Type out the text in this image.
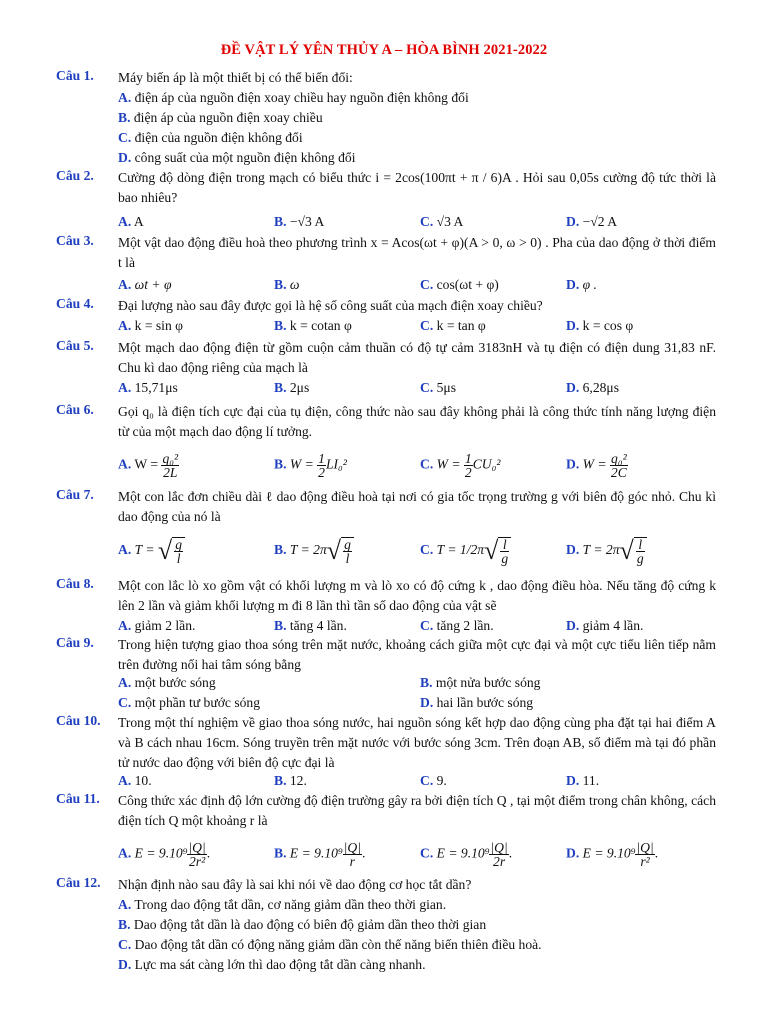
ĐỀ VẬT LÝ YÊN THỦY A – HÒA BÌNH 2021-2022
Câu 1. Máy biến áp là một thiết bị có thể biến đổi:
A. điện áp của nguồn điện xoay chiều hay nguồn điện không đổi
B. điện áp của nguồn điện xoay chiều
C. điện của nguồn điện không đổi
D. công suất của một nguồn điện không đổi
Câu 2. Cường độ dòng điện trong mạch có biểu thức i = 2cos(100πt + π / 6)A . Hỏi sau 0,05s cường độ tức thời là bao nhiêu?
A. A	B. −√3 A	C. √3 A	D. −√2 A
Câu 3. Một vật dao động điều hoà theo phương trình x = Acos(ωt + φ)(A > 0, ω > 0) . Pha của dao động ở thời điểm t là
A. ωt + φ	B. ω	C. cos(ωt + φ)	D. φ .
Câu 4. Đại lượng nào sau đây được gọi là hệ số công suất của mạch điện xoay chiều?
A. k = sin φ	B. k = cotan φ	C. k = tan φ	D. k = cos φ
Câu 5. Một mạch dao động điện từ gồm cuộn cảm thuần có độ tự cảm 3183nH và tụ điện có điện dung 31,83 nF. Chu kì dao động riêng của mạch là
A. 15,71μs	B. 2μs	C. 5μs	D. 6,28μs
Câu 6. Gọi q₀ là điện tích cực đại của tụ điện, công thức nào sau đây không phải là công thức tính năng lượng điện từ của một mạch dao động lí tưởng.
A. $W = \frac{\text{q₀²}}{2L}$	B. $W = \frac{1}{2} LI_0^2$	C. $W = \frac{1}{2} CU_0^2$	D. $W = \frac{\text{q₀²}}{2C}$
Câu 7. Một con lắc đơn chiều dài ℓ dao động điều hoà tại nơi có gia tốc trọng trường g với biên độ góc nhỏ. Chu kì dao động của nó là
A. T = √ $\frac{g}{l}$	B. T = 2π √ $\frac{g}{l}$	C. T = 1/2π √ $\frac{l}{g}$	D. T = 2π √ $\frac{l}{g}$
Câu 8. Một con lắc lò xo gồm vật có khối lượng m và lò xo có độ cứng k , dao động điều hòa. Nếu tăng độ cứng k lên 2 lần và giảm khối lượng m đi 8 lần thì tần số dao động của vật sẽ
A. giảm 2 lần.	B. tăng 4 lần.	C. tăng 2 lần.	D. giảm 4 lần.
Câu 9. Trong hiện tượng giao thoa sóng trên mặt nước, khoảng cách giữa một cực đại và một cực tiểu liên tiếp nằm trên đường nối hai tâm sóng bằng
A. một bước sóng	B. một nửa bước sóng
C. một phần tư bước sóng	D. hai lần bước sóng
Câu 10. Trong một thí nghiệm về giao thoa sóng nước, hai nguồn sóng kết hợp dao động cùng pha đặt tại hai điểm A và B cách nhau 16cm. Sóng truyền trên mặt nước với bước sóng 3cm. Trên đoạn AB, số điểm mà tại đó phần tử nước dao động với biên độ cực đại là
A. 10.	B. 12.	C. 9.	D. 11.
Câu 11. Công thức xác định độ lớn cường độ điện trường gây ra bởi điện tích Q , tại một điểm trong chân không, cách điện tích Q một khoảng r là
A. $E = 9.10^9 \frac{|Q|}{\text{2r²}}$ .	B. $E = 9.10^9 \frac{|Q|}{r}$ .	C. $E = 9.10^9 \frac{|Q|}{2r}$ .	D. $E = 9.10^9 \frac{|Q|}{\text{r²}}$ .
Câu 12. Nhận định nào sau đây là sai khi nói về dao động cơ học tắt dần?
A. Trong dao động tắt dần, cơ năng giảm dần theo thời gian.
B. Dao động tắt dần là dao động có biên độ giảm dần theo thời gian
C. Dao động tắt dần có động năng giảm dần còn thế năng biến thiên điều hoà.
D. Lực ma sát càng lớn thì dao động tắt dần càng nhanh.
